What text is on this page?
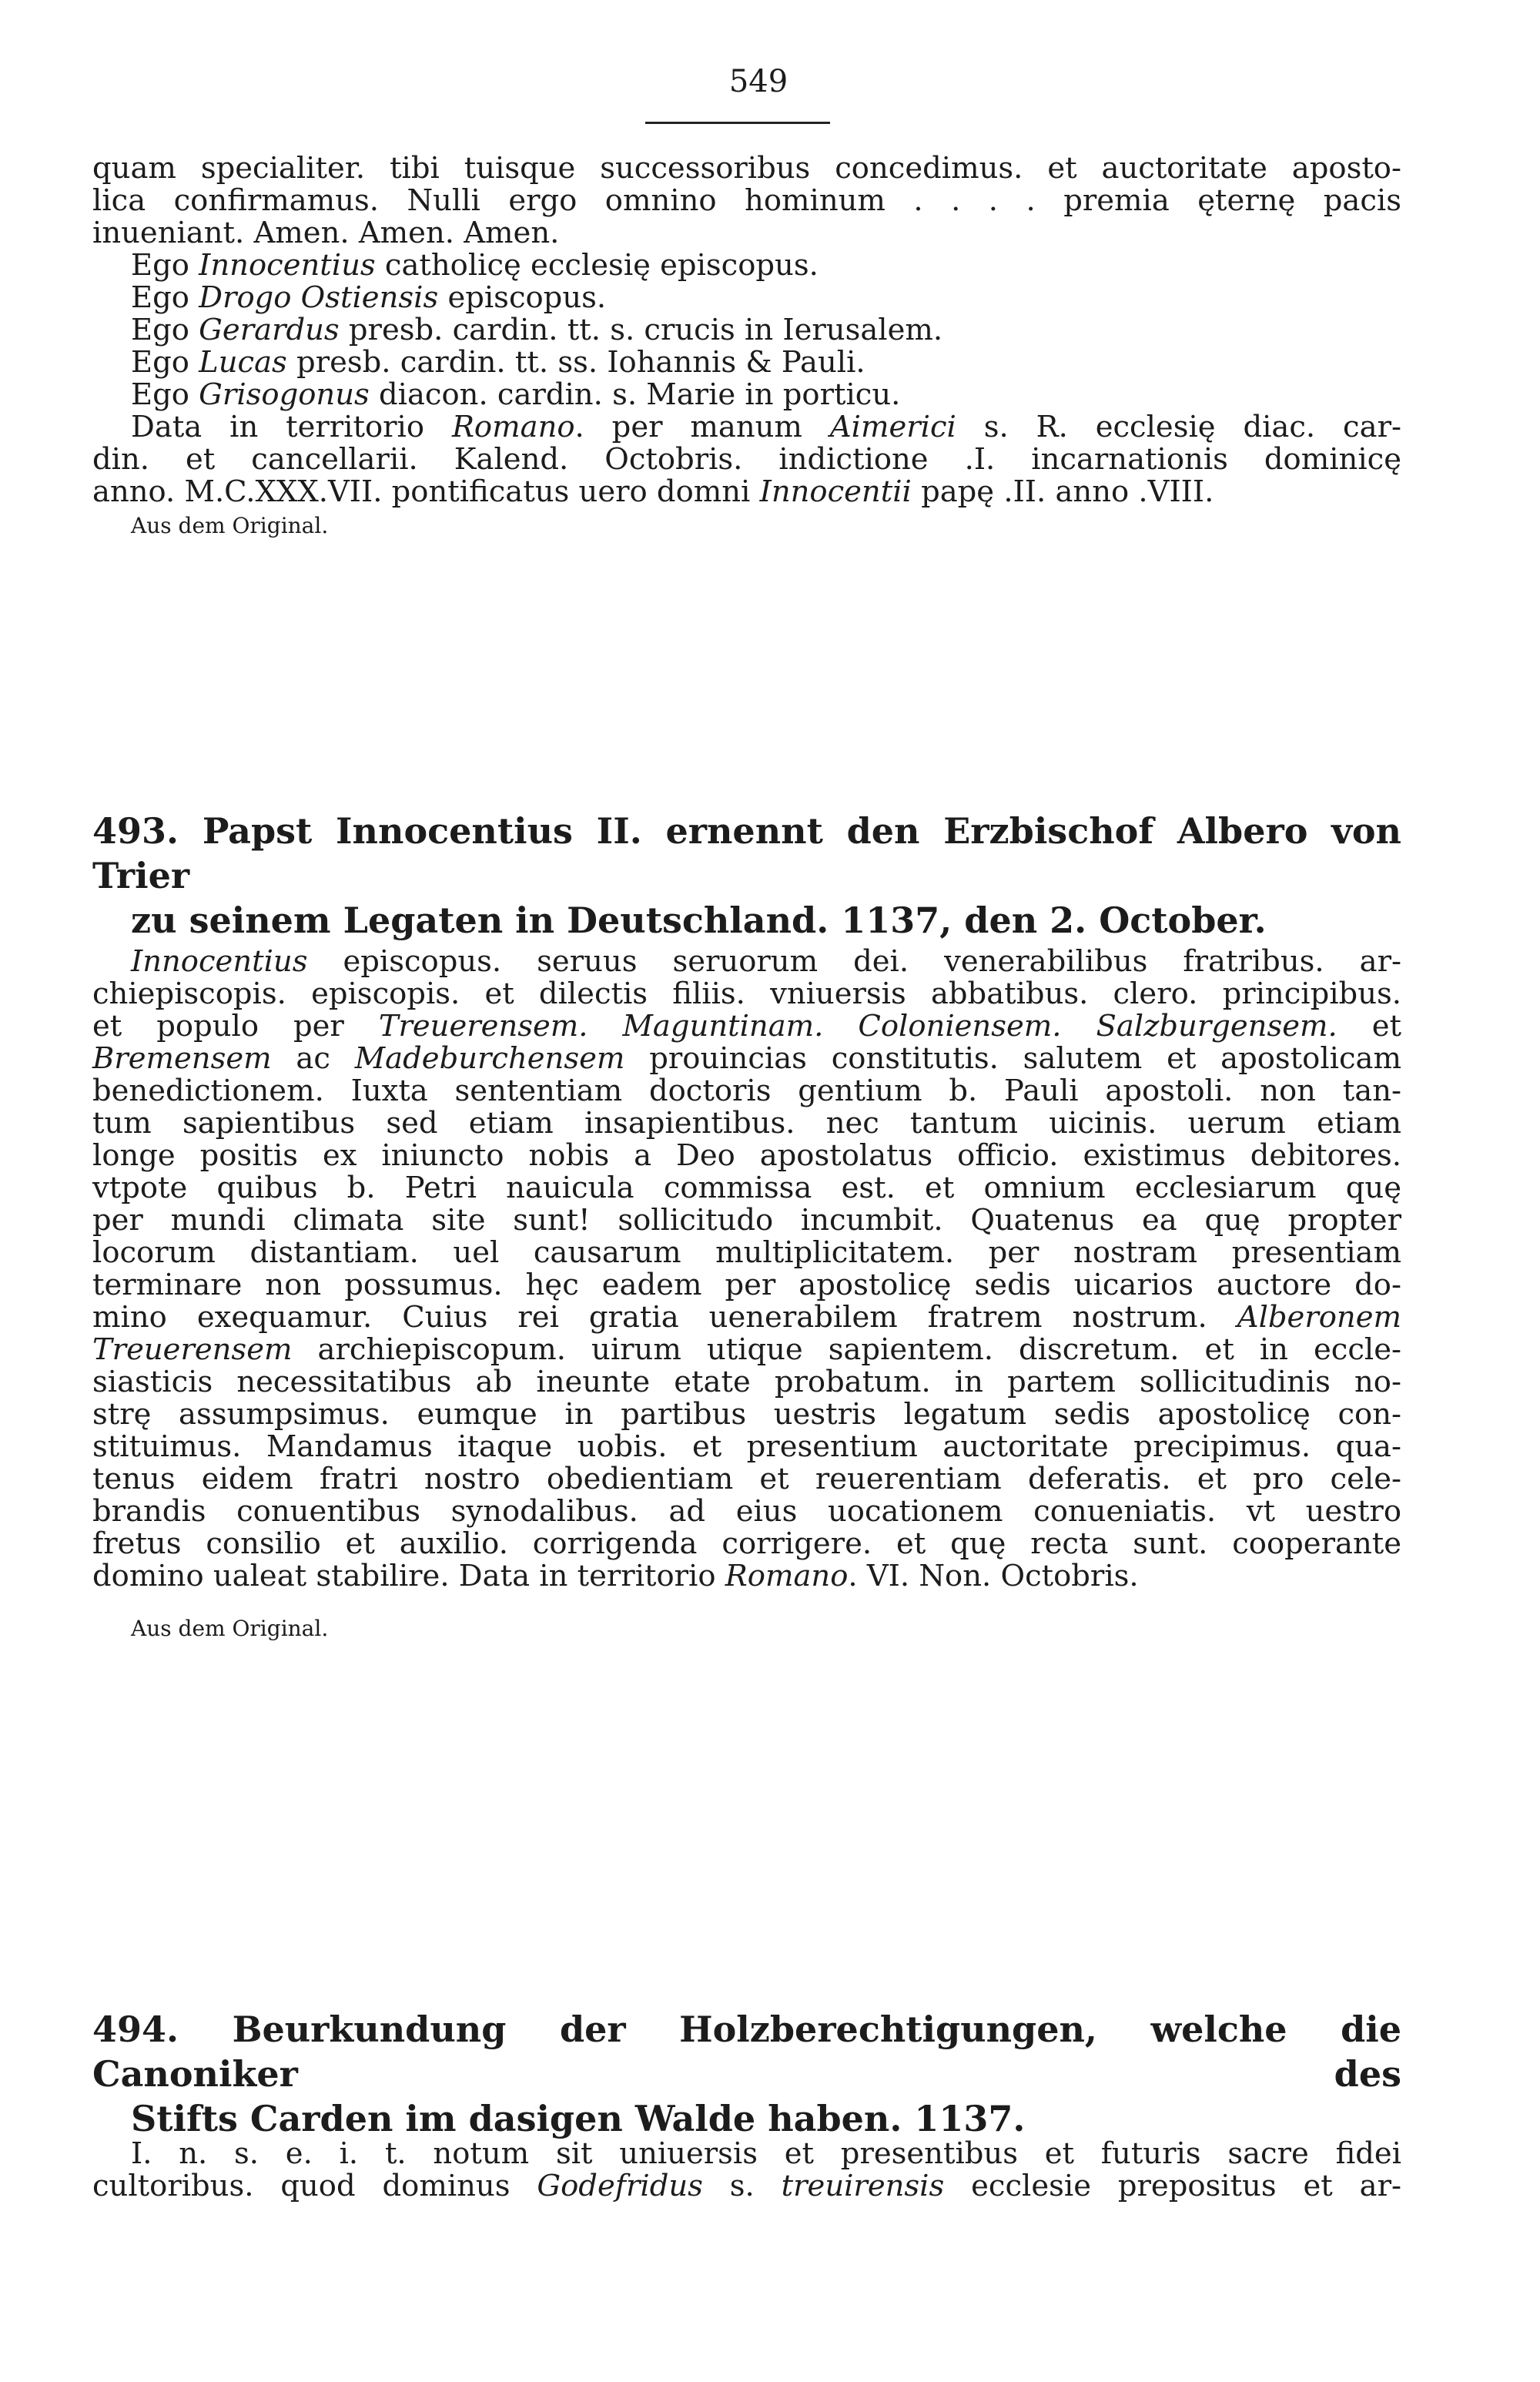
549
quam specialiter. tibi tuisque successoribus concedimus. et auctoritate aposto-
lica confirmamus. Nulli ergo omnino hominum . . . . premia ęternę pacis
inueniant. Amen. Amen. Amen.
Ego Innocentius catholicę ecclesię episcopus.
Ego Drogo Ostiensis episcopus.
Ego Gerardus presb. cardin. tt. s. crucis in Ierusalem.
Ego Lucas presb. cardin. tt. ss. Iohannis & Pauli.
Ego Grisogonus diacon. cardin. s. Marie in porticu.
Data in territorio Romano. per manum Aimerici s. R. ecclesię diac. car-
din. et cancellarii. Kalend. Octobris. indictione .I. incarnationis dominicę
anno. M.C.XXX.VII. pontificatus uero domni Innocentii papę .II. anno .VIII.
Aus dem Original.
493. Papst Innocentius II. ernennt den Erzbischof Albero von Trier
zu seinem Legaten in Deutschland. 1137, den 2. October.
Innocentius episcopus. seruus seruorum dei. venerabilibus fratribus. ar-
chiepiscopis. episcopis. et dilectis filiis. vniuersis abbatibus. clero. principibus.
et populo per Treuerensem. Maguntinam. Coloniensem. Salzburgensem. et
Bremensem ac Madeburchensem prouincias constitutis. salutem et apostolicam
benedictionem. Iuxta sententiam doctoris gentium b. Pauli apostoli. non tan-
tum sapientibus sed etiam insapientibus. nec tantum uicinis. uerum etiam
longe positis ex iniuncto nobis a Deo apostolatus officio. existimus debitores.
vtpote quibus b. Petri nauicula commissa est. et omnium ecclesiarum quę
per mundi climata site sunt! sollicitudo incumbit. Quatenus ea quę propter
locorum distantiam. uel causarum multiplicitatem. per nostram presentiam
terminare non possumus. hęc eadem per apostolicę sedis uicarios auctore do-
mino exequamur. Cuius rei gratia uenerabilem fratrem nostrum. Alberonem
Treuerensem archiepiscopum. uirum utique sapientem. discretum. et in eccle-
siasticis necessitatibus ab ineunte etate probatum. in partem sollicitudinis no-
strę assumpsimus. eumque in partibus uestris legatum sedis apostolicę con-
stituimus. Mandamus itaque uobis. et presentium auctoritate precipimus. qua-
tenus eidem fratri nostro obedientiam et reuerentiam deferatis. et pro cele-
brandis conuentibus synodalibus. ad eius uocationem conueniatis. vt uestro
fretus consilio et auxilio. corrigenda corrigere. et quę recta sunt. cooperante
domino ualeat stabilire. Data in territorio Romano. VI. Non. Octobris.
Aus dem Original.
494. Beurkundung der Holzberechtigungen, welche die Canoniker des
Stifts Carden im dasigen Walde haben. 1137.
I. n. s. e. i. t. notum sit uniuersis et presentibus et futuris sacre fidei
cultoribus. quod dominus Godefridus s. treuirensis ecclesie prepositus et ar-
